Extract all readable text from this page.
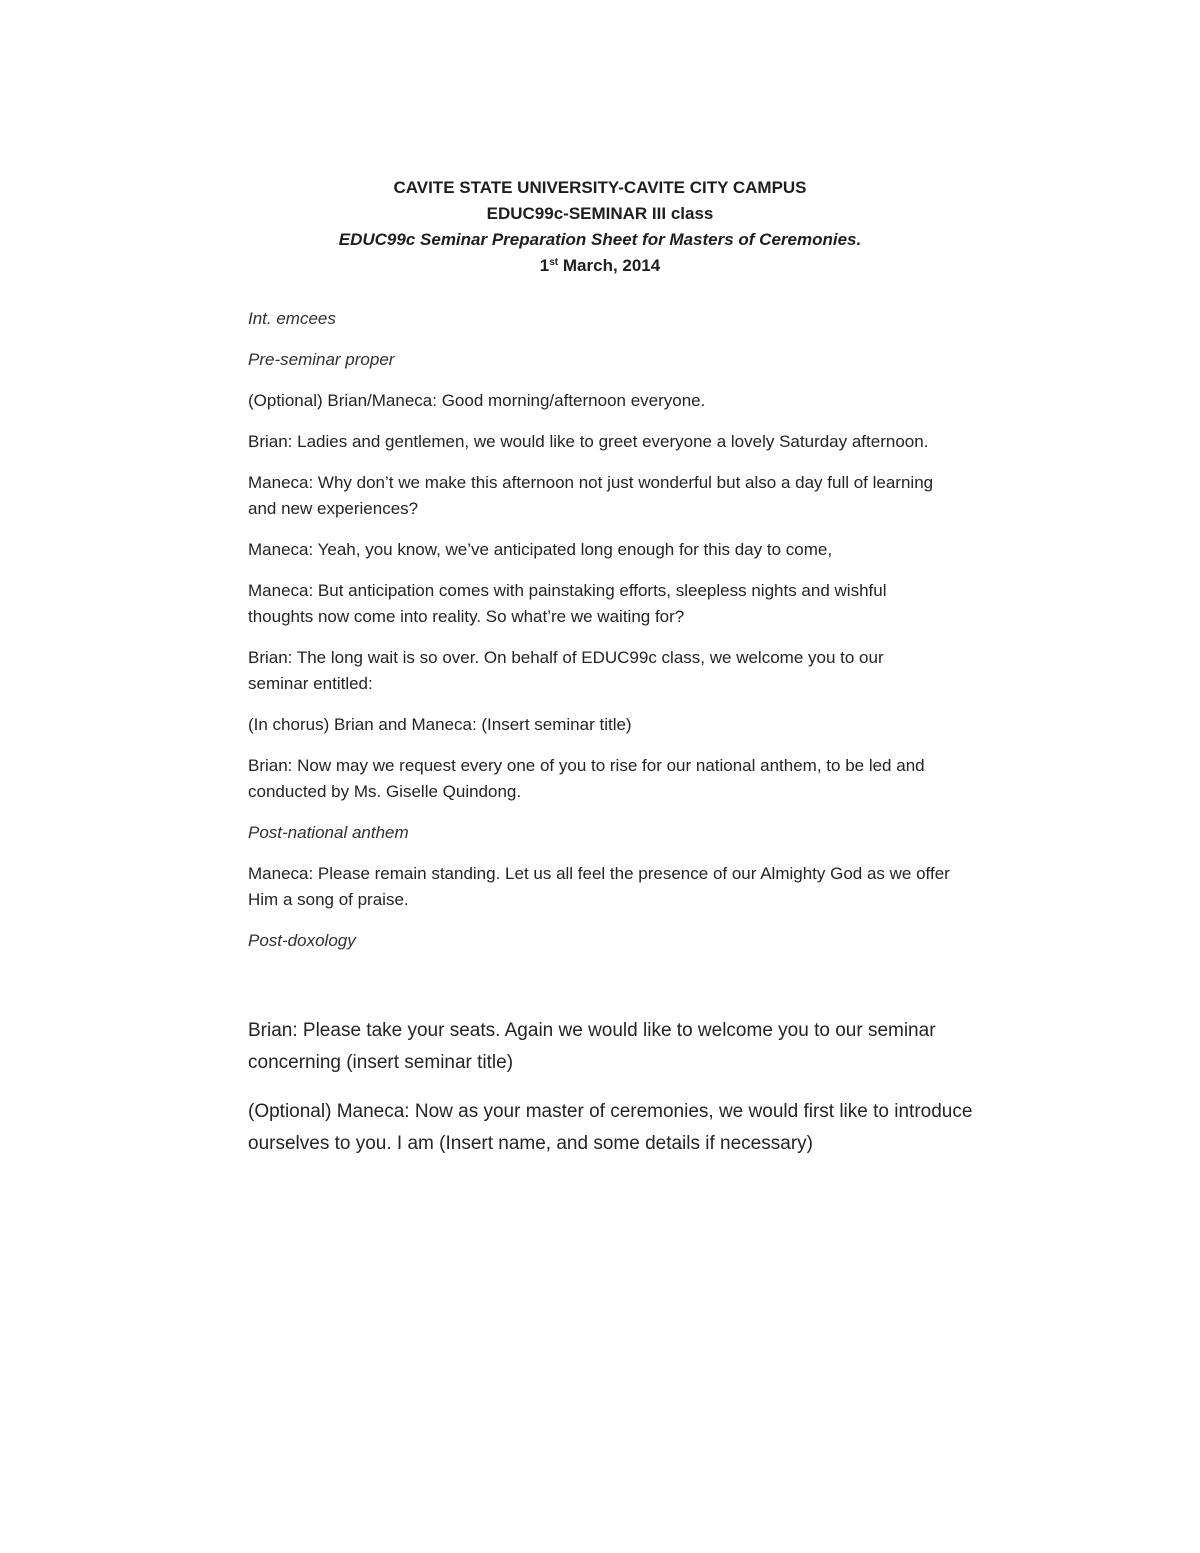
CAVITE STATE UNIVERSITY-CAVITE CITY CAMPUS
EDUC99c-SEMINAR III class
EDUC99c Seminar Preparation Sheet for Masters of Ceremonies.
1st March, 2014

Int. emcees

Pre-seminar proper

(Optional) Brian/Maneca: Good morning/afternoon everyone.

Brian: Ladies and gentlemen, we would like to greet everyone a lovely Saturday afternoon.

Maneca: Why don’t we make this afternoon not just wonderful but also a day full of learning and new experiences?

Maneca: Yeah, you know, we’ve anticipated long enough for this day to come,

Maneca: But anticipation comes with painstaking efforts, sleepless nights and wishful thoughts now come into reality. So what’re we waiting for?

Brian: The long wait is so over. On behalf of EDUC99c class, we welcome you to our seminar entitled:

(In chorus) Brian and Maneca: (Insert seminar title)

Brian: Now may we request every one of you to rise for our national anthem, to be led and conducted by Ms. Giselle Quindong.

Post-national anthem

Maneca: Please remain standing. Let us all feel the presence of our Almighty God as we offer Him a song of praise.

Post-doxology

Brian: Please take your seats. Again we would like to welcome you to our seminar concerning (insert seminar title)

(Optional) Maneca: Now as your master of ceremonies, we would first like to introduce ourselves to you. I am (Insert name, and some details if necessary)
